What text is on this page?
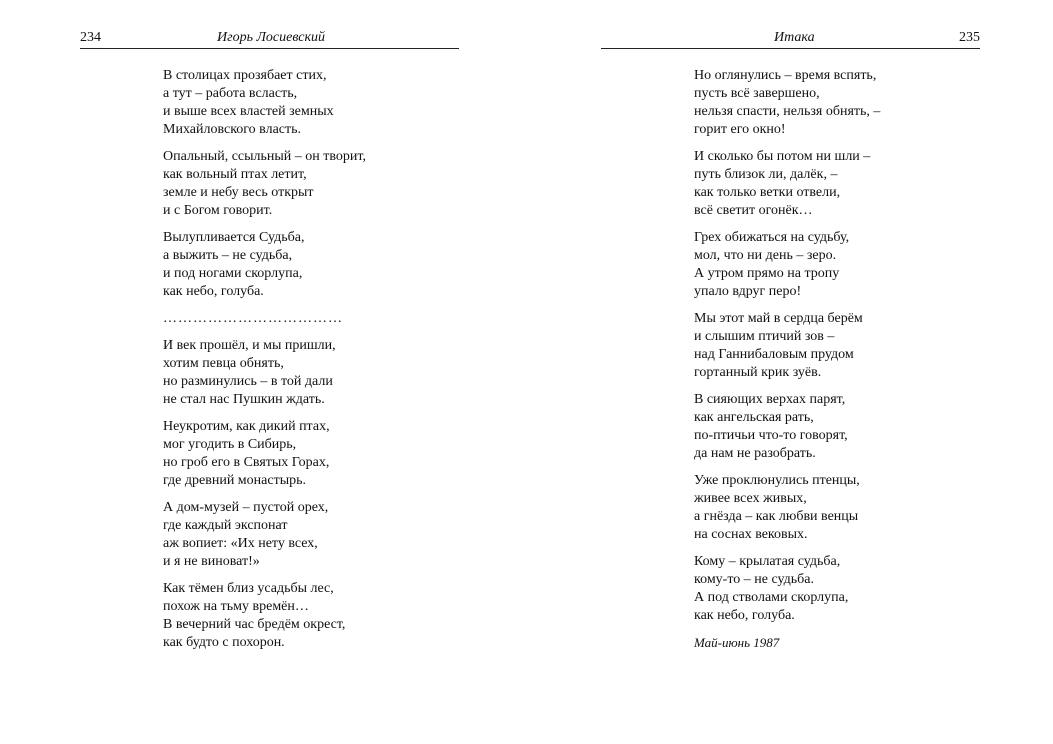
234	Игорь Лосиевский
В столицах прозябает стих,
а тут – работа всласть,
и выше всех властей земных
Михайловского власть.
Опальный, ссыльный – он творит,
как вольный птах летит,
земле и небу весь открыт
и с Богом говорит.
Вылупливается Судьба,
а выжить – не судьба,
и под ногами скорлупа,
как небо, голуба.
………………………………
И век прошёл, и мы пришли,
хотим певца обнять,
но разминулись – в той дали
не стал нас Пушкин ждать.
Неукротим, как дикий птах,
мог угодить в Сибирь,
но гроб его в Святых Горах,
где древний монастырь.
А дом-музей – пустой орех,
где каждый экспонат
аж вопиет: «Их нету всех,
и я не виноват!»
Как тёмен близ усадьбы лес,
похож на тьму времён…
В вечерний час бредём окрест,
как будто с похорон.
Итака	235
Но оглянулись – время вспять,
пусть всё завершено,
нельзя спасти, нельзя обнять, –
горит его окно!
И сколько бы потом ни шли –
путь близок ли, далёк, –
как только ветки отвели,
всё светит огонёк…
Грех обижаться на судьбу,
мол, что ни день – зеро.
А утром прямо на тропу
упало вдруг перо!
Мы этот май в сердца берём
и слышим птичий зов –
над Ганнибаловым прудом
гортанный крик зуёв.
В сияющих верхах парят,
как ангельская рать,
по-птичьи что-то говорят,
да нам не разобрать.
Уже проклюнулись птенцы,
живее всех живых,
а гнёзда – как любви венцы
на соснах вековых.
Кому – крылатая судьба,
кому-то – не судьба.
А под стволами скорлупа,
как небо, голуба.
Май-июнь 1987
